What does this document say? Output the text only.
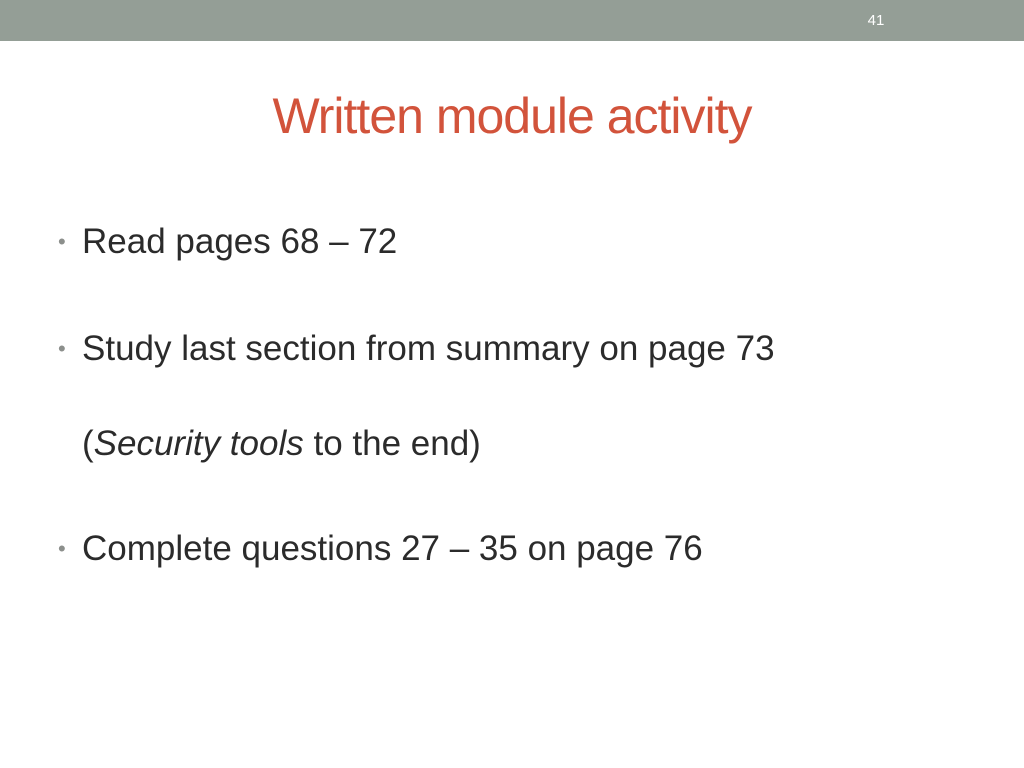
41
Written module activity
• Read pages 68 – 72
• Study last section from summary on page 73
(Security tools to the end)
• Complete questions 27 – 35 on page 76
